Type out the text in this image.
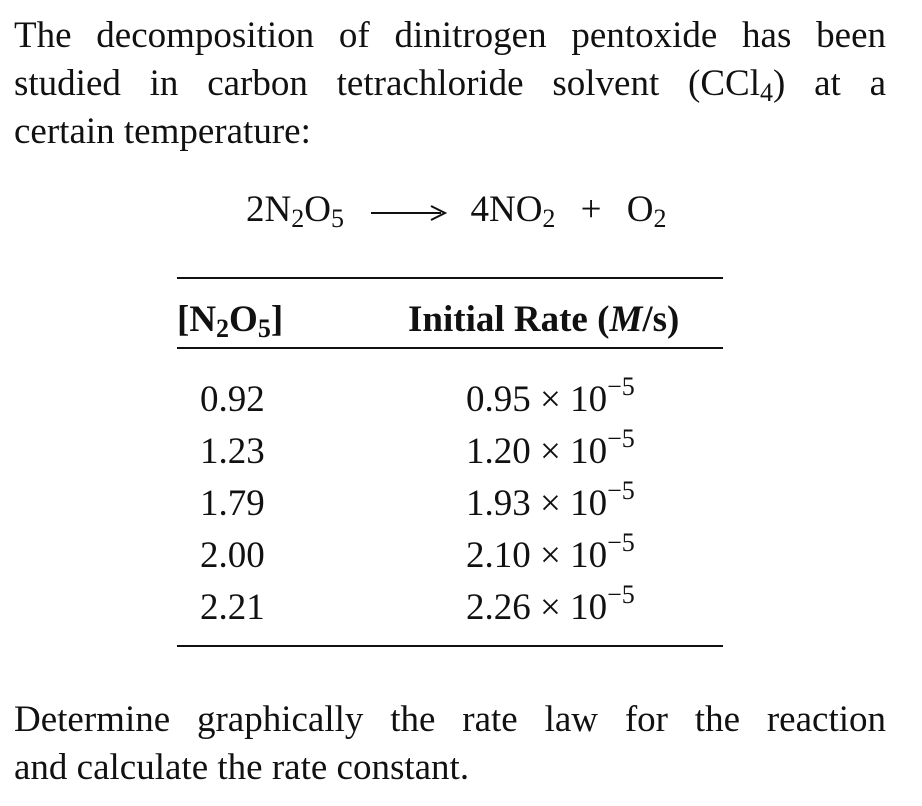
The decomposition of dinitrogen pentoxide has been
studied in carbon tetrachloride solvent (CCl$_4$) at a
certain temperature:
$2N_2O_5 \to 4NO_2 + O_2$
$[N_2O_5]$	Initial Rate (M/s)
0.92	$0.95 \times 10^{-5}$
1.23	$1.20 \times 10^{-5}$
1.79	$1.93 \times 10^{-5}$
2.00	$2.10 \times 10^{-5}$
2.21	$2.26 \times 10^{-5}$
Determine graphically the rate law for the reaction
and calculate the rate constant.
